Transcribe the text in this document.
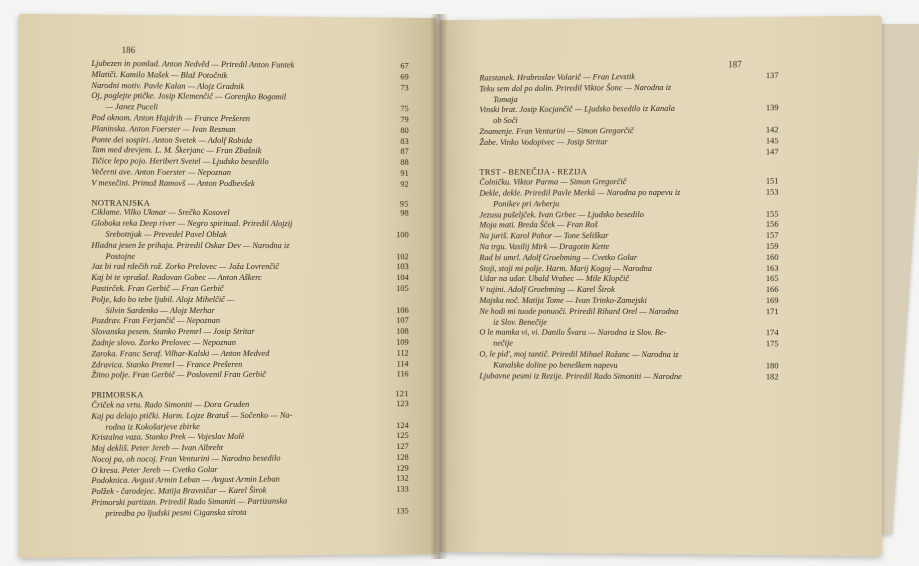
186
Ljubezen in pomlad. Anton Nedvěd — Priredil Anton Funtek	67
Mlatiči. Kamilo Mašek — Blaž Potočnik	69
Narodni motiv. Pavle Kalan — Alojz Gradnik	73
Oj, poglejte ptičke. Josip Klemenčič — Gorenjko Bogomil
— Janez Puceli	75
Pod oknom. Anton Hajdrih — France Prešeren	79
Planinska. Anton Foerster — Ivan Resman	80
Ponte dei sospiri. Anton Svetek — Adolf Robida	83
Tam med drevjem. L. M. Škerjanc — Fran Zbašnik	87
Tičice lepo pojo. Heribert Svetel — Ljudsko besedilo	88
Večerni ave. Anton Foerster — Nepoznan	91
V mesečini. Primož Ramovš — Anton Podbevšek	92
NOTRANJSKA	95
Ciklame. Vilko Ukmar — Srečko Kosovel	98
Globoka reka Deep river — Negro spiritual. Priredil Alojzij
Srebotnjak — Prevedel Pavel Oblak	100
Hladna jesen že prihaja. Priredil Oskar Dev — Narodna iz
Postojne	102
Jaz bi rad rdečih rož. Zorko Prelovec — Joža Lovrenčič	103
Kaj bi te vprašal. Radovan Gobec — Anton Aškerc	104
Pastirček. Fran Gerbič — Fran Gerbič	105
Polje, kdo bo tebe ljubil. Alojz Mihelčič —
Silvin Sardenko — Alojz Merhar	106
Pozdrav. Fran Ferjančič — Nepoznan	107
Slovanska pesem. Stanko Premrl — Josip Stritar	108
Zadnje slovo. Zorko Prelovec — Nepoznan	109
Zaroka. Franc Seraf. Vilhar-Kalski — Anton Medved	112
Zdravica. Stanko Premrl — France Prešeren	114
Žitno polje. Fran Gerbič — Poslovenil Fran Gerbič	116
PRIMORSKA	121
Čriček na vrtu. Rado Simoniti — Dora Gruden	123
Kaj pa delajo ptički. Harm. Lojze Bratuš — Sočenko — Na-
rodna iz Kokošarjeve zbirke	124
Kristalna vaza. Stanko Prek — Vojeslav Molè	125
Moj dekliš. Peter Jereb — Ivan Albreht	127
Nocoj pa, oh nocoj. Fran Venturini — Narodno besedilo	128
O kresu. Peter Jereb — Cvetko Golar	129
Podoknica. Avgust Armin Leban — Avgust Armin Leban	132
Polžek - čarodejec. Matija Bravničar — Karel Širok	133
Primorski partizan. Priredil Rado Simoniti — Partizanska
priredba po ljudski pesmi Ciganska sirota	135
187
Razstanek. Hrabroslav Volarič — Fran Levstik	137
Teku sem dol po dolin. Priredil Viktor Šonc — Narodna iz
Tomaja
Vinski brat. Josip Kocjančič — Ljudsko besedilo iz Kanala	139
ob Soči
Znamenje. Fran Venturini — Simon Gregorčič	142
Žabe. Vinko Vodopivec — Josip Stritar	145
147
TRST - BENEČIJA - REZIJA
Čolničku. Viktor Parma — Simon Gregorčič	151
Dekle, dekle. Priredil Pavle Merků — Narodna po napevu iz	153
Ponikev pri Avberju
Jezusu pušeljček. Ivan Grbec — Ljudsko besedilo	155
Moja mati. Breda Šček — Fran Roš	156
Na juriš. Karol Pahor — Tone Seliškar	157
Na trgu. Vasilij Mirk — Dragotin Kette	159
Rad bi umrl. Adolf Groebming — Cvetko Golar	160
Stoji, stoji mi polje. Harm. Marij Kogoj — Narodna	163
Udar na udar. Ubald Vrabec — Mile Klopčič	165
V tujini. Adolf Groebming — Karel Širok	166
Majska noč. Matija Tome — Ivan Trinko-Zamejski	169
Ne hodi mi tuode ponuoči. Priredil Rihard Orel — Narodna	171
iz Slov. Benečije
O le mamka vi, vi. Danilo Švara — Narodna iz Slov. Be-	174
nečije	175
O, le pìd', moj tantič. Priredil Mihael Rožanc — Narodna iz
Kanalske doline po beneškem napevu	180
Ljubavne pesmi iz Rezije. Priredil Rado Simoniti — Narodne	182
